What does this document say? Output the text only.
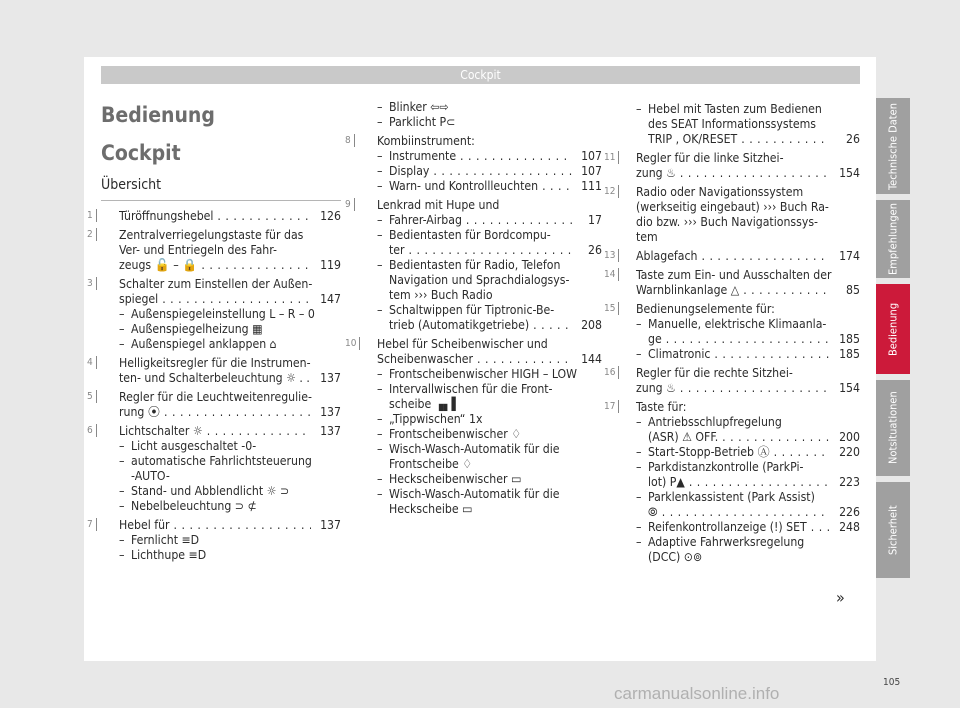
Cockpit
Bedienung
Cockpit
Übersicht
1	Türöffnungshebel . . .	126
2	Zentralverriegelungstaste für das
Ver- und Entriegeln des Fahr-
zeugs 🔓 – 🔒 . . .	119
3	Schalter zum Einstellen der Außen-
spiegel . . .	147
– Außenspiegeleinstellung L – R – 0
– Außenspiegelheizung ▦
– Außenspiegel anklappen ⌂
4	Helligkeitsregler für die Instrumen-
ten- und Schalterbeleuchtung ☼ . . . . . 137
5	Regler für die Leuchtweitenregulie-
rung ⦿ . . .	137
6	Lichtschalter ☼ . . .	137
– Licht ausgeschaltet -0-
– automatische Fahrlichtsteuerung
-AUTO-
– Stand- und Abblendlicht ☼ ⊃
– Nebelbeleuchtung ⊃ ⊄
7	Hebel für . . .	137
– Fernlicht ≡D
– Lichthupe ≡D
– Blinker ⇦⇨
– Parklicht P⊂
8	Kombiinstrument:
– Instrumente . . .	107
– Display . . .	107
– Warn- und Kontrollleuchten . . .	111
9	Lenkrad mit Hupe und
– Fahrer-Airbag . . .	17
– Bedientasten für Bordcompu-
ter . . .	26
– Bedientasten für Radio, Telefon
Navigation und Sprachdialogsys-
tem ››› Buch Radio
– Schaltwippen für Tiptronic-Be-
trieb (Automatikgetriebe) . . .	208
10	Hebel für Scheibenwischer und
Scheibenwascher . . .	144
– Frontscheibenwischer HIGH – LOW
– Intervallwischen für die Front-
scheibe ▗▖▌
– „Tippwischen“ 1x
– Frontscheibenwischer ♢
– Wisch-Wasch-Automatik für die
Frontscheibe ♢
– Heckscheibenwischer ▭
– Wisch-Wasch-Automatik für die
Heckscheibe ▭
– Hebel mit Tasten zum Bedienen
des SEAT Informationssystems
TRIP , OK/RESET . . .	26
11	Regler für die linke Sitzhei-
zung ♨ . . .	154
12	Radio oder Navigationssystem
(werkseitig eingebaut) ››› Buch Ra-
dio bzw. ››› Buch Navigationssys-
tem
13	Ablagefach . . .	174
14	Taste zum Ein- und Ausschalten der
Warnblinkanlage △ . . .	85
15	Bedienungselemente für:
– Manuelle, elektrische Klimaanla-
ge . . .	185
– Climatronic . . .	185
16	Regler für die rechte Sitzhei-
zung ♨ . . .	154
17	Taste für:
– Antriebsschlupfregelung
(ASR) ⚠ OFF. . . .	200
– Start-Stopp-Betrieb Ⓐ . . .	220
– Parkdistanzkontrolle (ParkPi-
lot) P▲ . . .	223
– Parklenkassistent (Park Assist)
⦾ . . .	226
– Reifenkontrollanzeige (!) SET . . .	248
– Adaptive Fahrwerksregelung
(DCC) ⊙⊚
Technische Daten
Empfehlungen
Bedienung
Notsituationen
Sicherheit
»
105
carmanualsonline.info
